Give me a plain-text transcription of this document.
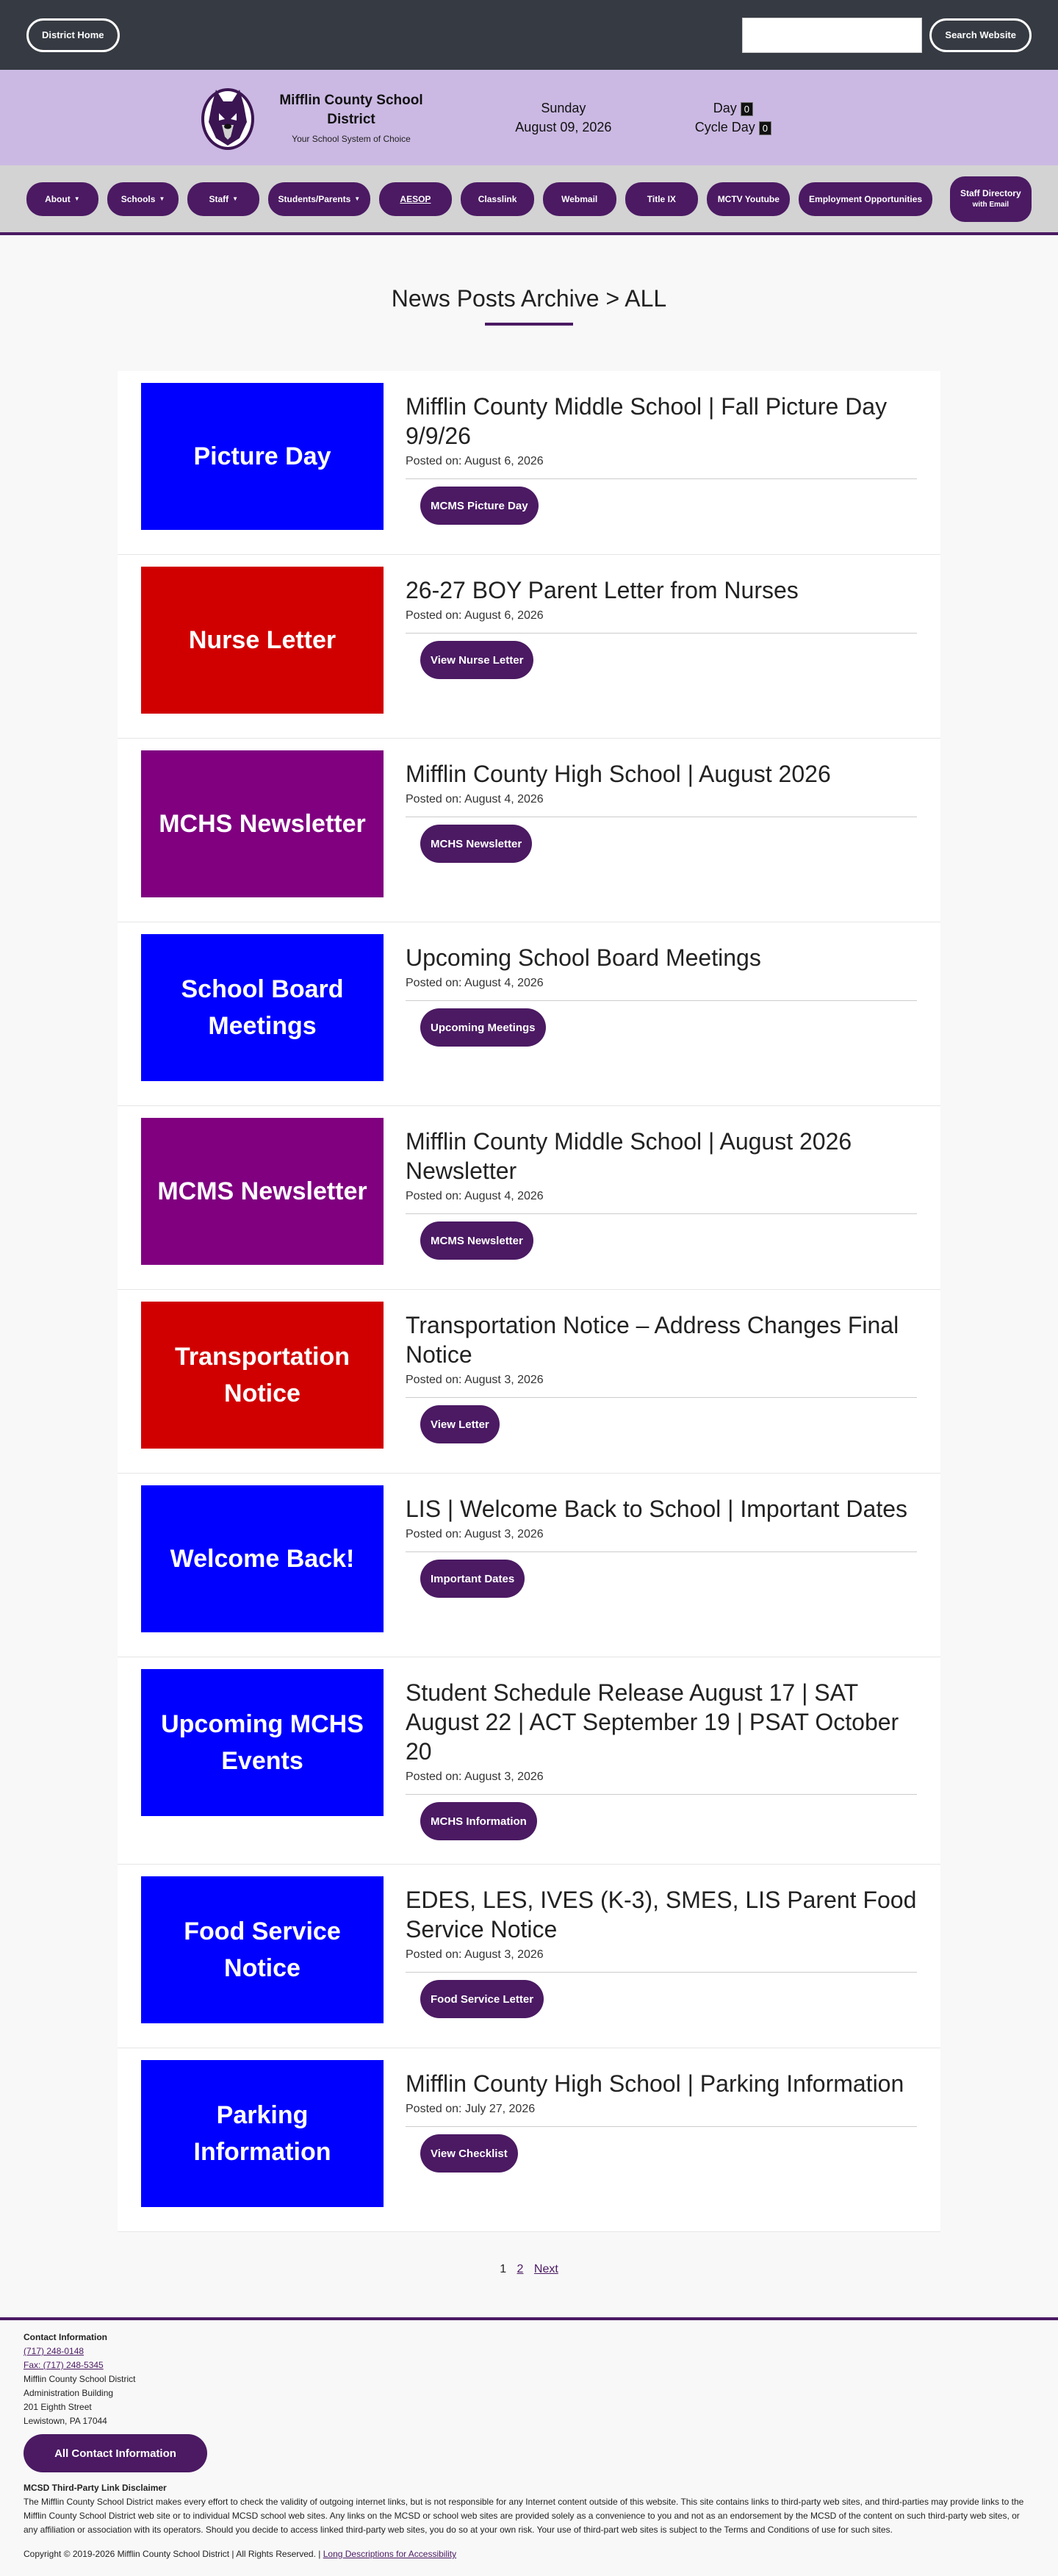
District Home	Search Website
Mifflin County School District
Your School System of Choice
Sunday
August 09, 2026
Day 0
Cycle Day 0
About ▼	Schools ▼	Staff ▼	Students/Parents ▼	AESOP	Classlink	Webmail	Title IX	MCTV Youtube	Employment Opportunities
Staff Directory
with Email
News Posts Archive > ALL
Picture Day
Mifflin County Middle School | Fall Picture Day 9/9/26
Posted on: August 6, 2026
MCMS Picture Day
Nurse Letter
26-27 BOY Parent Letter from Nurses
Posted on: August 6, 2026
View Nurse Letter
MCHS Newsletter
Mifflin County High School | August 2026
Posted on: August 4, 2026
MCHS Newsletter
School Board Meetings
Upcoming School Board Meetings
Posted on: August 4, 2026
Upcoming Meetings
MCMS Newsletter
Mifflin County Middle School | August 2026 Newsletter
Posted on: August 4, 2026
MCMS Newsletter
Transportation Notice
Transportation Notice – Address Changes Final Notice
Posted on: August 3, 2026
View Letter
Welcome Back!
LIS | Welcome Back to School | Important Dates
Posted on: August 3, 2026
Important Dates
Upcoming MCHS Events
Student Schedule Release August 17 | SAT August 22 | ACT September 19 | PSAT October 20
Posted on: August 3, 2026
MCHS Information
Food Service Notice
EDES, LES, IVES (K-3), SMES, LIS Parent Food Service Notice
Posted on: August 3, 2026
Food Service Letter
Parking Information
Mifflin County High School | Parking Information
Posted on: July 27, 2026
View Checklist
1 2 Next
Contact Information
(717) 248-0148
Fax: (717) 248-5345
Mifflin County School District
Administration Building
201 Eighth Street
Lewistown, PA 17044
All Contact Information
MCSD Third-Party Link Disclaimer
The Mifflin County School District makes every effort to check the validity of outgoing internet links, but is not responsible for any Internet content outside of this website. This site contains links to third-party web sites, and third-parties may provide links to the Mifflin County School District web site or to individual MCSD school web sites. Any links on the MCSD or school web sites are provided solely as a convenience to you and not as an endorsement by the MCSD of the content on such third-party web sites, or any affiliation or association with its operators. Should you decide to access linked third-party web sites, you do so at your own risk. Your use of third-part web sites is subject to the Terms and Conditions of use for such sites.
Copyright © 2019-2026 Mifflin County School District | All Rights Reserved. | Long Descriptions for Accessibility
